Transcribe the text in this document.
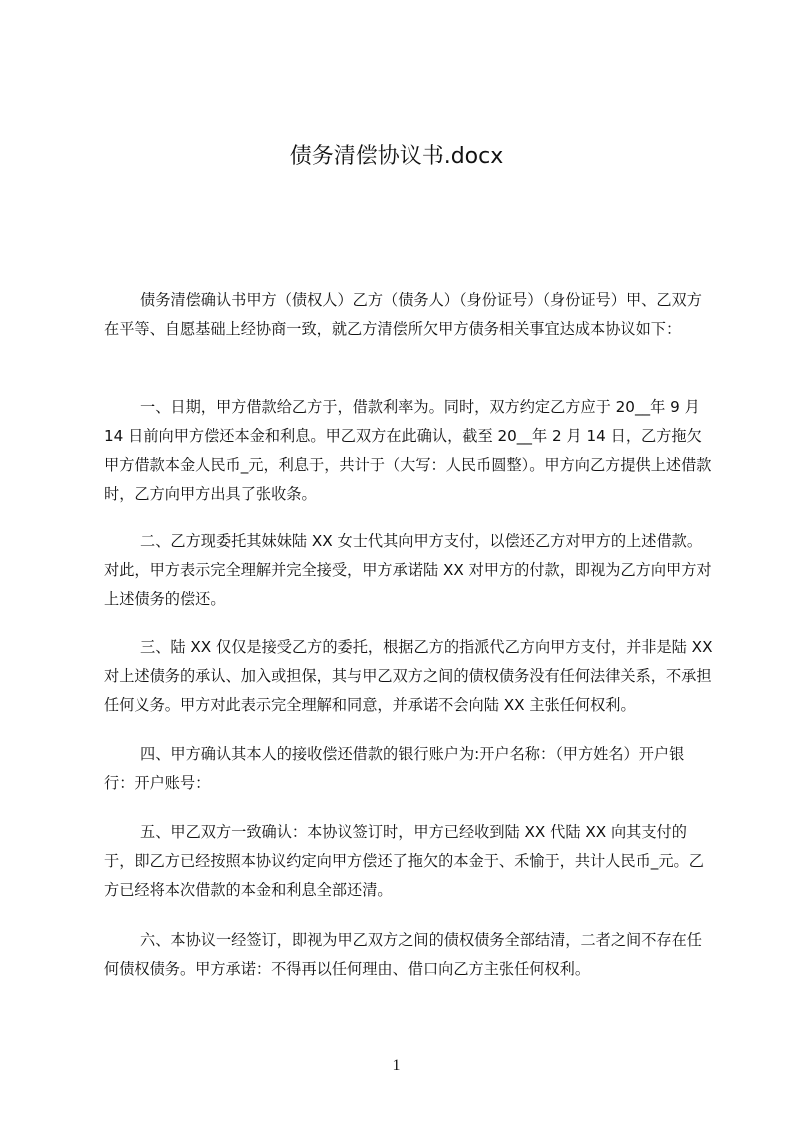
债务清偿协议书.docx
债务清偿确认书甲方（债权人）乙方（债务人）（身份证号）（身份证号）甲、乙双方在平等、自愿基础上经协商一致，就乙方清偿所欠甲方债务相关事宜达成本协议如下：
一、日期，甲方借款给乙方于，借款利率为。同时，双方约定乙方应于 20__年 9 月 14 日前向甲方偿还本金和利息。甲乙双方在此确认，截至 20__年 2 月 14 日，乙方拖欠甲方借款本金人民币_元，利息于，共计于（大写：人民币圆整）。甲方向乙方提供上述借款时，乙方向甲方出具了张收条。
二、乙方现委托其妹妹陆 XX 女士代其向甲方支付，以偿还乙方对甲方的上述借款。对此，甲方表示完全理解并完全接受，甲方承诺陆 XX 对甲方的付款，即视为乙方向甲方对上述债务的偿还。
三、陆 XX 仅仅是接受乙方的委托，根据乙方的指派代乙方向甲方支付，并非是陆 XX 对上述债务的承认、加入或担保，其与甲乙双方之间的债权债务没有任何法律关系，不承担任何义务。甲方对此表示完全理解和同意，并承诺不会向陆 XX 主张任何权利。
四、甲方确认其本人的接收偿还借款的银行账户为:开户名称：（甲方姓名）开户银行：开户账号：
五、甲乙双方一致确认：本协议签订时，甲方已经收到陆 XX 代陆 XX 向其支付的于，即乙方已经按照本协议约定向甲方偿还了拖欠的本金于、禾愉于，共计人民币_元。乙方已经将本次借款的本金和利息全部还清。
六、本协议一经签订，即视为甲乙双方之间的债权债务全部结清，二者之间不存在任何债权债务。甲方承诺：不得再以任何理由、借口向乙方主张任何权利。
1
